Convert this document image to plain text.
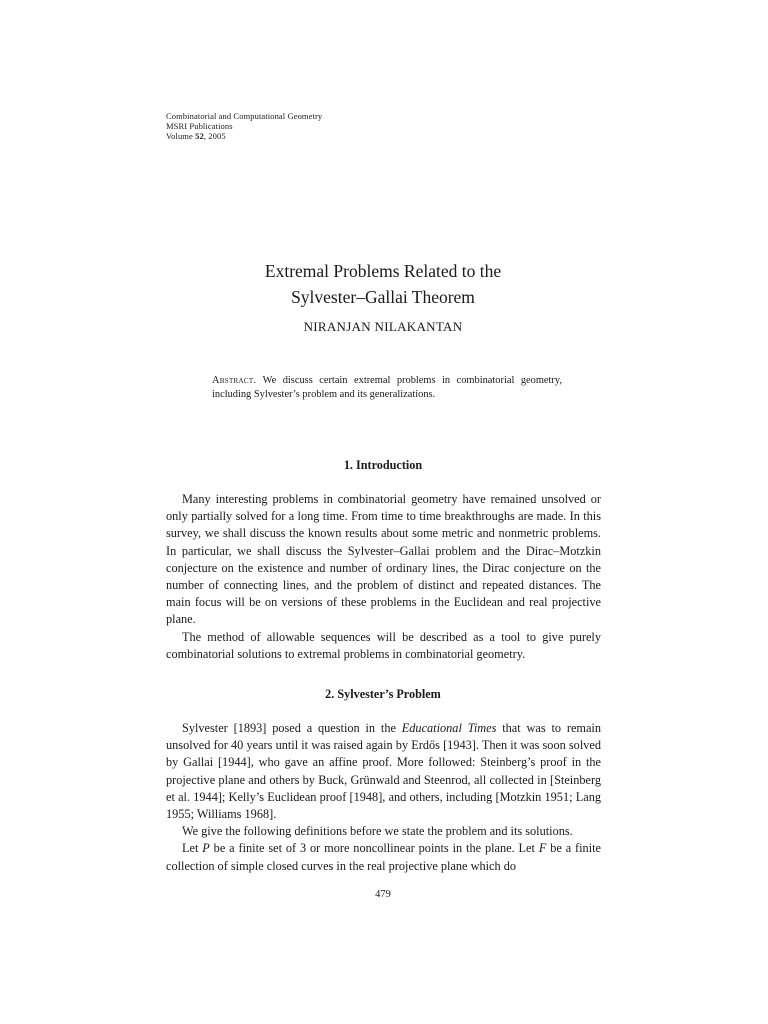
Combinatorial and Computational Geometry
MSRI Publications
Volume 52, 2005
Extremal Problems Related to the
Sylvester–Gallai Theorem
NIRANJAN NILAKANTAN
Abstract. We discuss certain extremal problems in combinatorial geometry, including Sylvester’s problem and its generalizations.
1. Introduction

Many interesting problems in combinatorial geometry have remained unsolved or only partially solved for a long time. From time to time breakthroughs are made. In this survey, we shall discuss the known results about some metric and nonmetric problems. In particular, we shall discuss the Sylvester–Gallai problem and the Dirac–Motzkin conjecture on the existence and number of ordinary lines, the Dirac conjecture on the number of connecting lines, and the problem of distinct and repeated distances. The main focus will be on versions of these problems in the Euclidean and real projective plane.

The method of allowable sequences will be described as a tool to give purely combinatorial solutions to extremal problems in combinatorial geometry.

2. Sylvester’s Problem

Sylvester [1893] posed a question in the Educational Times that was to remain unsolved for 40 years until it was raised again by Erdős [1943]. Then it was soon solved by Gallai [1944], who gave an affine proof. More followed: Steinberg’s proof in the projective plane and others by Buck, Grünwald and Steenrod, all collected in [Steinberg et al. 1944]; Kelly’s Euclidean proof [1948], and others, including [Motzkin 1951; Lang 1955; Williams 1968].

We give the following definitions before we state the problem and its solutions.

Let P be a finite set of 3 or more noncollinear points in the plane. Let F be a finite collection of simple closed curves in the real projective plane which do

479
